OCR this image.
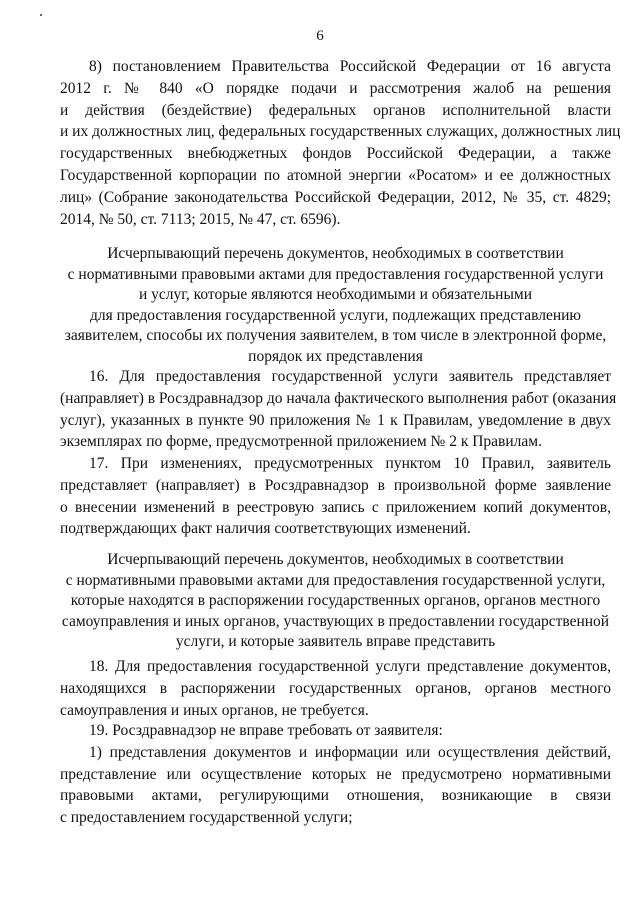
6
8) постановлением Правительства Российской Федерации от 16 августа
2012 г. № 840 «О порядке подачи и рассмотрения жалоб на решения
и действия (бездействие) федеральных органов исполнительной власти
и их должностных лиц, федеральных государственных служащих, должностных лиц
государственных внебюджетных фондов Российской Федерации, а также
Государственной корпорации по атомной энергии «Росатом» и ее должностных
лиц» (Собрание законодательства Российской Федерации, 2012, № 35, ст. 4829;
2014, № 50, ст. 7113; 2015, № 47, ст. 6596).
Исчерпывающий перечень документов, необходимых в соответствии
с нормативными правовыми актами для предоставления государственной услуги
и услуг, которые являются необходимыми и обязательными
для предоставления государственной услуги, подлежащих представлению
заявителем, способы их получения заявителем, в том числе в электронной форме,
порядок их представления
16. Для предоставления государственной услуги заявитель представляет
(направляет) в Росздравнадзор до начала фактического выполнения работ (оказания
услуг), указанных в пункте 90 приложения № 1 к Правилам, уведомление в двух
экземплярах по форме, предусмотренной приложением № 2 к Правилам.
17. При изменениях, предусмотренных пунктом 10 Правил, заявитель
представляет (направляет) в Росздравнадзор в произвольной форме заявление
о внесении изменений в реестровую запись с приложением копий документов,
подтверждающих факт наличия соответствующих изменений.
Исчерпывающий перечень документов, необходимых в соответствии
с нормативными правовыми актами для предоставления государственной услуги,
которые находятся в распоряжении государственных органов, органов местного
самоуправления и иных органов, участвующих в предоставлении государственной
услуги, и которые заявитель вправе представить
18. Для предоставления государственной услуги представление документов,
находящихся в распоряжении государственных органов, органов местного
самоуправления и иных органов, не требуется.
19. Росздравнадзор не вправе требовать от заявителя:
1) представления документов и информации или осуществления действий,
представление или осуществление которых не предусмотрено нормативными
правовыми актами, регулирующими отношения, возникающие в связи
с предоставлением государственной услуги;
